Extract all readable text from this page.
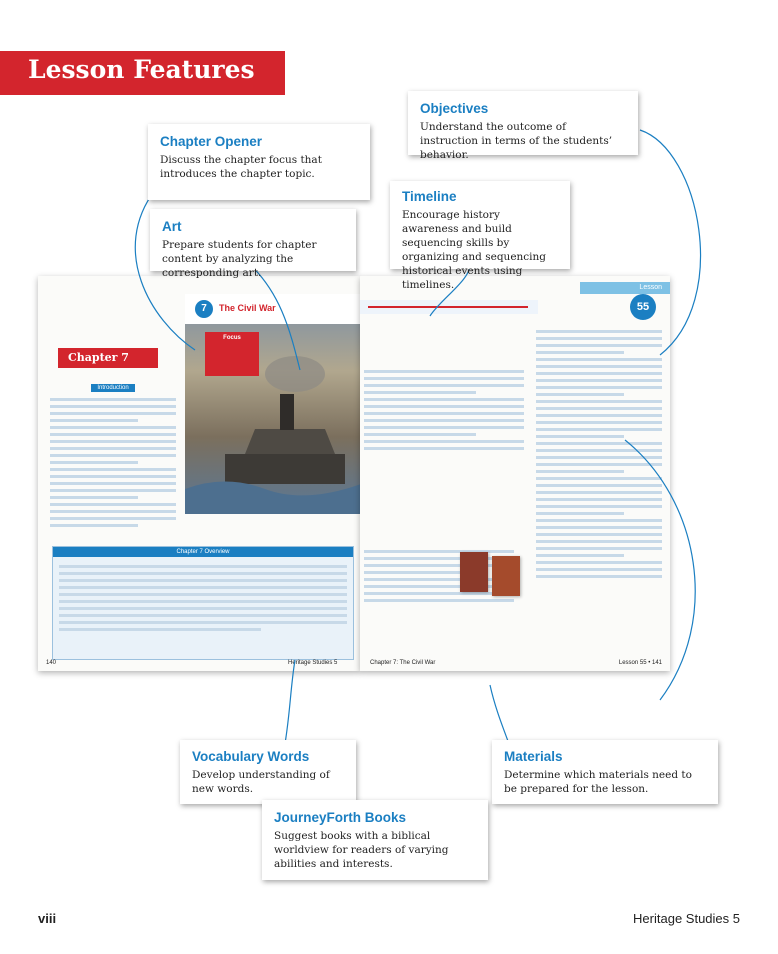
Lesson Features
Chapter 7
Introduction
7	The Civil War
Focus
Chapter 7 Overview
140	Heritage Studies 5
Lesson
55
Chapter 7: The Civil War	Lesson 55 • 141
Chapter Opener
Discuss the chapter focus that introduces the chapter topic.
Art
Prepare students for chapter content by analyzing the corresponding art.
Objectives
Understand the outcome of instruction in terms of the students’ behavior.
Timeline
Encourage history awareness and build sequencing skills by organizing and sequencing historical events using timelines.
Vocabulary Words
Develop understanding of new words.
Materials
Determine which materials need to be prepared for the lesson.
JourneyForth Books
Suggest books with a biblical worldview for readers of varying abilities and interests.
viii	Heritage Studies 5
